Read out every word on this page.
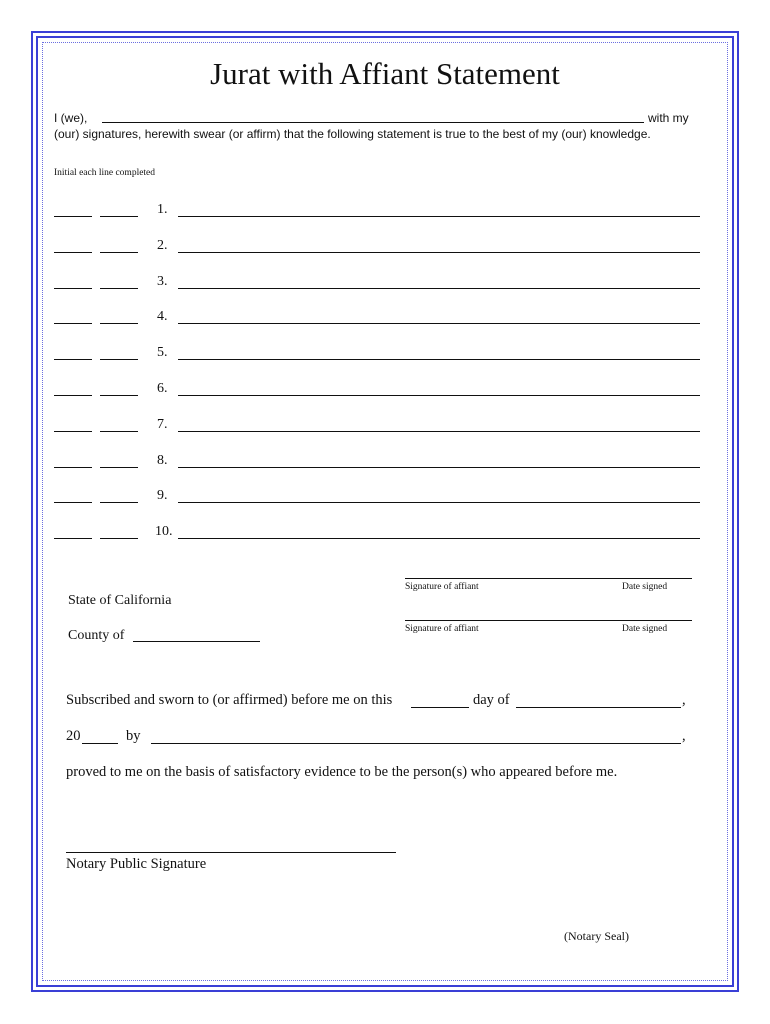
Jurat with Affiant Statement
I (we),	with my
(our) signatures, herewith swear (or affirm) that the following statement is true to the best of my (our) knowledge.
Initial each line completed
1.
2.
3.
4.
5.
6.
7.
8.
9.
10.
Signature of affiant	Date signed
Signature of affiant	Date signed
State of California
County of
Subscribed and sworn to (or affirmed) before me on this	day of	,
20	by	,
proved to me on the basis of satisfactory evidence to be the person(s) who appeared before me.
Notary Public Signature
(Notary Seal)
